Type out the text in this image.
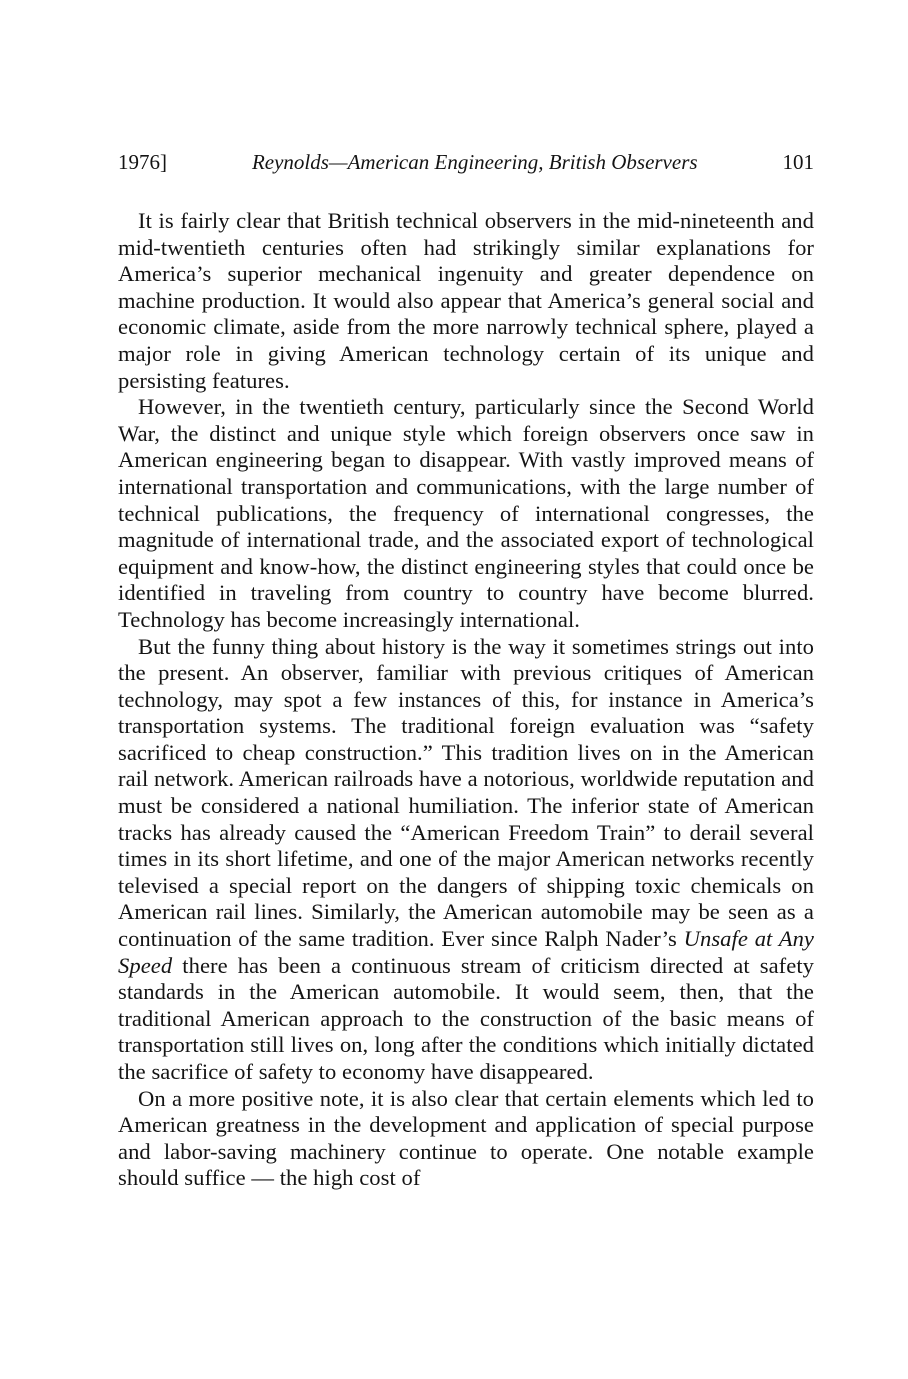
1976]	Reynolds—American Engineering, British Observers	101

It is fairly clear that British technical observers in the mid-nineteenth and mid-twentieth centuries often had strikingly similar explanations for America’s superior mechanical ingenuity and greater dependence on machine production. It would also appear that America’s general social and economic climate, aside from the more narrowly technical sphere, played a major role in giving American technology certain of its unique and persisting features.

However, in the twentieth century, particularly since the Second World War, the distinct and unique style which foreign observers once saw in American engineering began to disappear. With vastly improved means of international transportation and communications, with the large number of technical publications, the frequency of international congresses, the magnitude of international trade, and the associated export of technological equipment and know-how, the distinct engineering styles that could once be identified in traveling from country to country have become blurred. Technology has become increasingly international.

But the funny thing about history is the way it sometimes strings out into the present. An observer, familiar with previous critiques of American technology, may spot a few instances of this, for instance in America’s transportation systems. The traditional foreign evaluation was “safety sacrificed to cheap construction.” This tradition lives on in the American rail network. American railroads have a notorious, worldwide reputation and must be considered a national humiliation. The inferior state of American tracks has already caused the “American Freedom Train” to derail several times in its short lifetime, and one of the major American networks recently televised a special report on the dangers of shipping toxic chemicals on American rail lines. Similarly, the American automobile may be seen as a continuation of the same tradition. Ever since Ralph Nader’s Unsafe at Any Speed there has been a continuous stream of criticism directed at safety standards in the American automobile. It would seem, then, that the traditional American approach to the construction of the basic means of transportation still lives on, long after the conditions which initially dictated the sacrifice of safety to economy have disappeared.

On a more positive note, it is also clear that certain elements which led to American greatness in the development and application of special purpose and labor-saving machinery continue to operate. One notable example should suffice — the high cost of
